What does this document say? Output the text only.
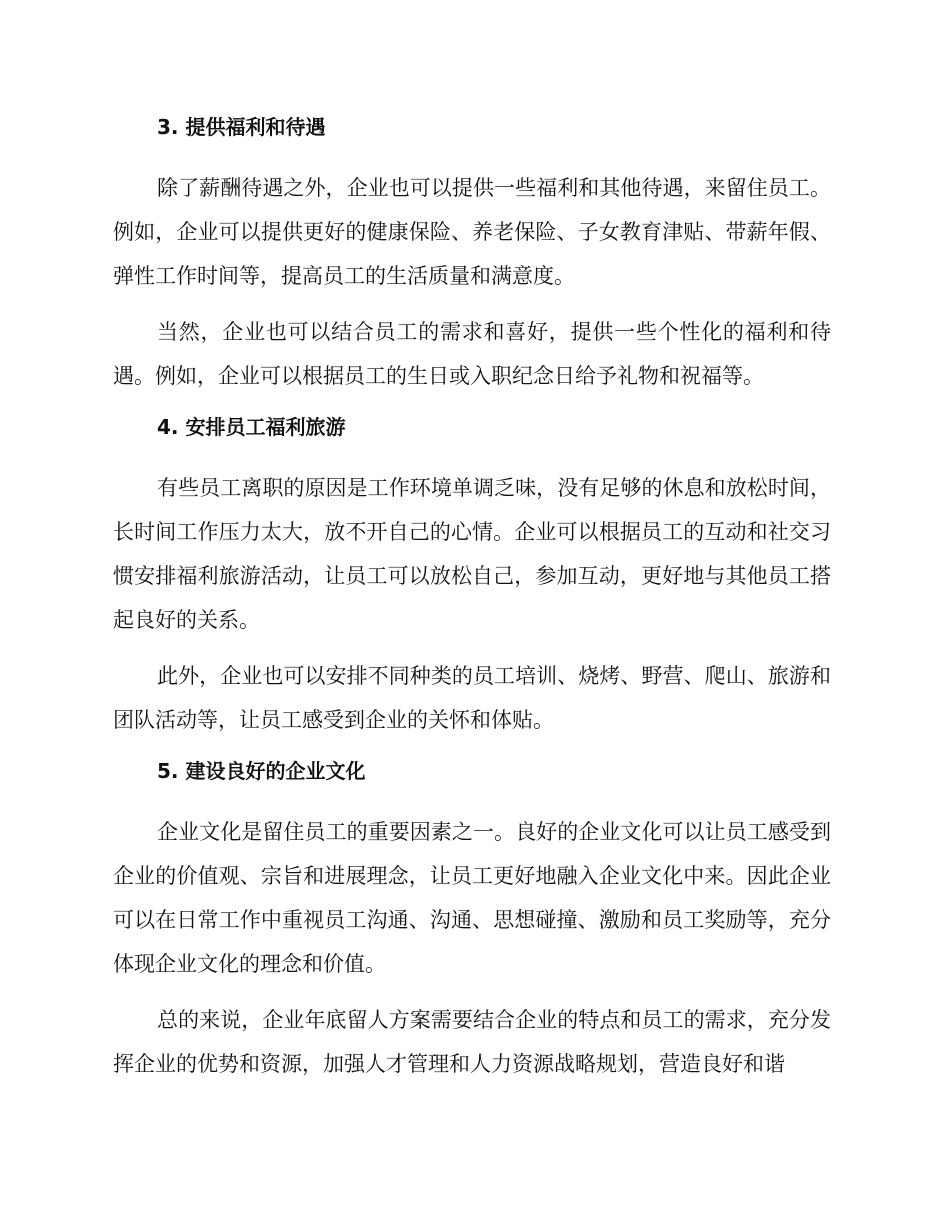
3. 提供福利和待遇

除了薪酬待遇之外，企业也可以提供一些福利和其他待遇，来留住员工。例如，企业可以提供更好的健康保险、养老保险、子女教育津贴、带薪年假、弹性工作时间等，提高员工的生活质量和满意度。

当然，企业也可以结合员工的需求和喜好，提供一些个性化的福利和待遇。例如，企业可以根据员工的生日或入职纪念日给予礼物和祝福等。

4. 安排员工福利旅游

有些员工离职的原因是工作环境单调乏味，没有足够的休息和放松时间，长时间工作压力太大，放不开自己的心情。企业可以根据员工的互动和社交习惯安排福利旅游活动，让员工可以放松自己，参加互动，更好地与其他员工搭起良好的关系。

此外，企业也可以安排不同种类的员工培训、烧烤、野营、爬山、旅游和团队活动等，让员工感受到企业的关怀和体贴。

5. 建设良好的企业文化

企业文化是留住员工的重要因素之一。良好的企业文化可以让员工感受到企业的价值观、宗旨和进展理念，让员工更好地融入企业文化中来。因此企业可以在日常工作中重视员工沟通、沟通、思想碰撞、激励和员工奖励等，充分体现企业文化的理念和价值。

总的来说，企业年底留人方案需要结合企业的特点和员工的需求，充分发挥企业的优势和资源，加强人才管理和人力资源战略规划，营造良好和谐
